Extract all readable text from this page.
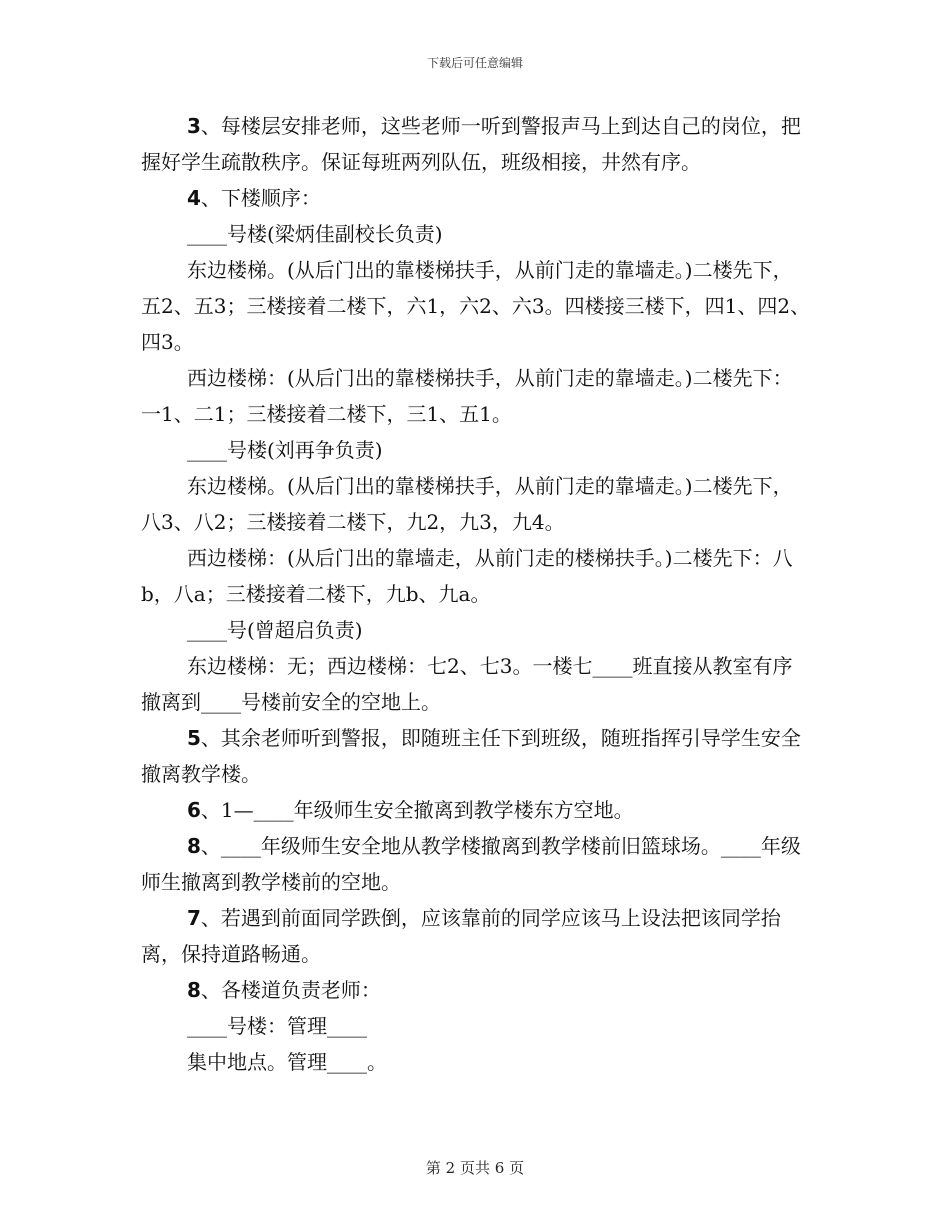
下载后可任意编辑

3、每楼层安排老师，这些老师一听到警报声马上到达自己的岗位，把握好学生疏散秩序。保证每班两列队伍，班级相接，井然有序。

4、下楼顺序：

____号楼(梁炳佳副校长负责)

东边楼梯。(从后门出的靠楼梯扶手，从前门走的靠墙走。)二楼先下，五2、五3；三楼接着二楼下，六1，六2、六3。四楼接三楼下，四1、四2、四3。

西边楼梯：(从后门出的靠楼梯扶手，从前门走的靠墙走。)二楼先下：一1、二1；三楼接着二楼下，三1、五1。

____号楼(刘再争负责)

东边楼梯。(从后门出的靠楼梯扶手，从前门走的靠墙走。)二楼先下，八3、八2；三楼接着二楼下，九2，九3，九4。

西边楼梯：(从后门出的靠墙走，从前门走的楼梯扶手。)二楼先下：八b，八a；三楼接着二楼下，九b、九a。

____号(曾超启负责)

东边楼梯：无；西边楼梯：七2、七3。一楼七____班直接从教室有序撤离到____号楼前安全的空地上。

5、其余老师听到警报，即随班主任下到班级，随班指挥引导学生安全撤离教学楼。

6、1—____年级师生安全撤离到教学楼东方空地。

8、____年级师生安全地从教学楼撤离到教学楼前旧篮球场。____年级师生撤离到教学楼前的空地。

7、若遇到前面同学跌倒，应该靠前的同学应该马上设法把该同学抬离，保持道路畅通。

8、各楼道负责老师：

____号楼：管理____

集中地点。管理____。

第 2 页共 6 页
